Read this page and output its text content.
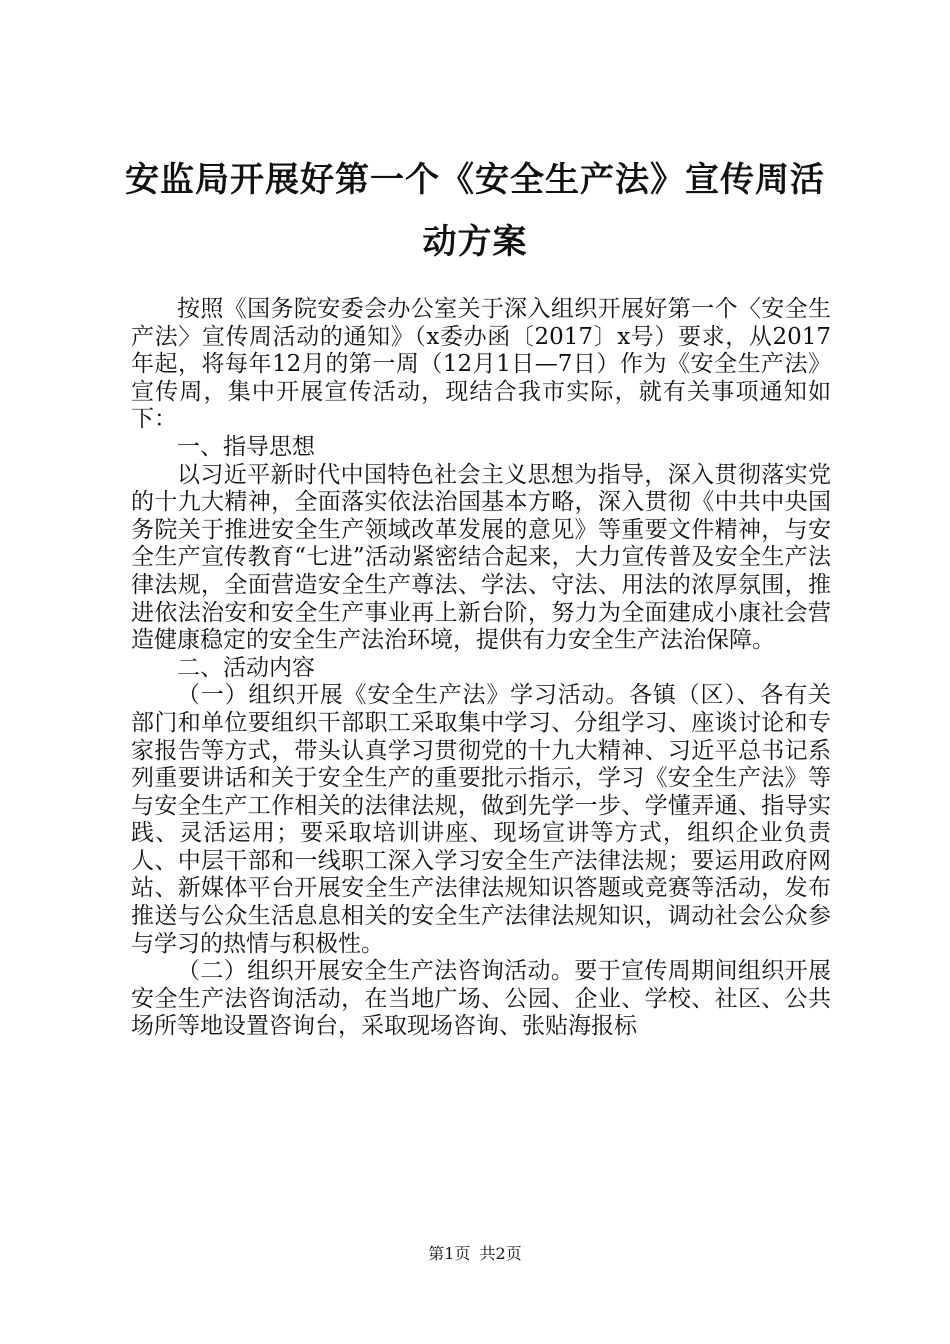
安监局开展好第一个《安全生产法》宣传周活
动方案

按照《国务院安委会办公室关于深入组织开展好第一个〈安全生产法〉宣传周活动的通知》（x委办函〔2017〕x号）要求，从2017年起，将每年12月的第一周（12月1日—7日）作为《安全生产法》宣传周，集中开展宣传活动，现结合我市实际，就有关事项通知如下：

一、指导思想

以习近平新时代中国特色社会主义思想为指导，深入贯彻落实党的十九大精神，全面落实依法治国基本方略，深入贯彻《中共中央国务院关于推进安全生产领域改革发展的意见》等重要文件精神，与安全生产宣传教育“七进”活动紧密结合起来，大力宣传普及安全生产法律法规，全面营造安全生产尊法、学法、守法、用法的浓厚氛围，推进依法治安和安全生产事业再上新台阶，努力为全面建成小康社会营造健康稳定的安全生产法治环境，提供有力安全生产法治保障。

二、活动内容

（一）组织开展《安全生产法》学习活动。各镇（区）、各有关部门和单位要组织干部职工采取集中学习、分组学习、座谈讨论和专家报告等方式，带头认真学习贯彻党的十九大精神、习近平总书记系列重要讲话和关于安全生产的重要批示指示，学习《安全生产法》等与安全生产工作相关的法律法规，做到先学一步、学懂弄通、指导实践、灵活运用；要采取培训讲座、现场宣讲等方式，组织企业负责人、中层干部和一线职工深入学习安全生产法律法规；要运用政府网站、新媒体平台开展安全生产法律法规知识答题或竞赛等活动，发布推送与公众生活息息相关的安全生产法律法规知识，调动社会公众参与学习的热情与积极性。

（二）组织开展安全生产法咨询活动。要于宣传周期间组织开展安全生产法咨询活动，在当地广场、公园、企业、学校、社区、公共场所等地设置咨询台，采取现场咨询、张贴海报标

第1页 共2页
